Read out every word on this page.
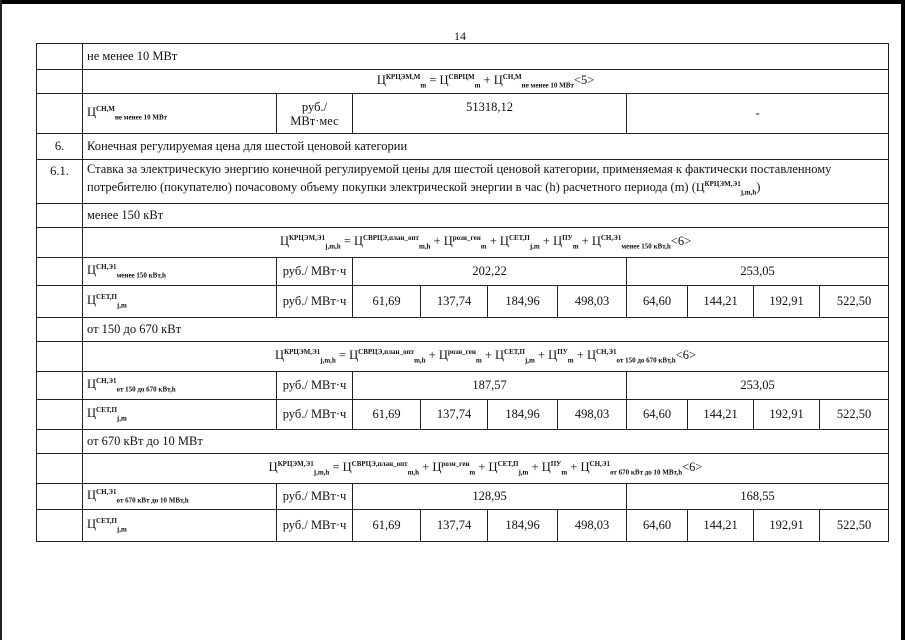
14
	не менее 10 МВт									
	$Ц^{КРЦЭМ,М}_m = Ц^{СВРЦМ}_m + Ц^{СН,М}_{не менее 10 МВт}<5>$									
	$Ц^{СН,М}_{не менее 10 МВт}$	руб./
МВт·мес	51318,12				-			
6.	Конечная регулируемая цена для шестой ценовой категории									
6.1.	Ставка за электрическую энергию конечной регулируемой цены для шестой ценовой категории, применяемая к фактически поставленному потребителю (покупателю) почасовому объему покупки электрической энергии в час (h) расчетного периода (m) $(Ц^{КРЦЭМ,Э1}_{j,m,h})$									
	менее 150 кВт									
	$Ц^{КРЦЭМ,Э1}_{j,m,h} = Ц^{СВРЦЭ,план\_опт}_{m,h} + Ц^{розн\_ген}_m + Ц^{СЕТ,П}_{j,m} + Ц^{ПУ}_m + Ц^{СН,Э1}_{менее 150 кВт,h}<6>$									
	$Ц^{СН,Э1}_{менее 150 кВт,h}$	руб./ МВт·ч	202,22				253,05			
	$Ц^{СЕТ,П}_{j,m}$	руб./ МВт·ч	61,69	137,74	184,96	498,03	64,60	144,21	192,91	522,50
	от 150 до 670 кВт									
	$Ц^{КРЦЭМ,Э1}_{j,m,h} = Ц^{СВРЦЭ,план\_опт}_{m,h} + Ц^{розн\_ген}_m + Ц^{СЕТ,П}_{j,m} + Ц^{ПУ}_m + Ц^{СН,Э1}_{от 150 до 670 кВт,h}<6>$									
	$Ц^{СН,Э1}_{от 150 до 670 кВт,h}$	руб./ МВт·ч	187,57				253,05			
	$Ц^{СЕТ,П}_{j,m}$	руб./ МВт·ч	61,69	137,74	184,96	498,03	64,60	144,21	192,91	522,50
	от 670 кВт до 10 МВт									
	$Ц^{КРЦЭМ,Э1}_{j,m,h} = Ц^{СВРЦЭ,план\_опт}_{m,h} + Ц^{розн\_ген}_m + Ц^{СЕТ,П}_{j,m} + Ц^{ПУ}_m + Ц^{СН,Э1}_{от 670 кВт до 10 МВт,h}<6>$									
	$Ц^{СН,Э1}_{от 670 кВт до 10 МВт,h}$	руб./ МВт·ч	128,95				168,55			
	$Ц^{СЕТ,П}_{j,m}$	руб./ МВт·ч	61,69	137,74	184,96	498,03	64,60	144,21	192,91	522,50
